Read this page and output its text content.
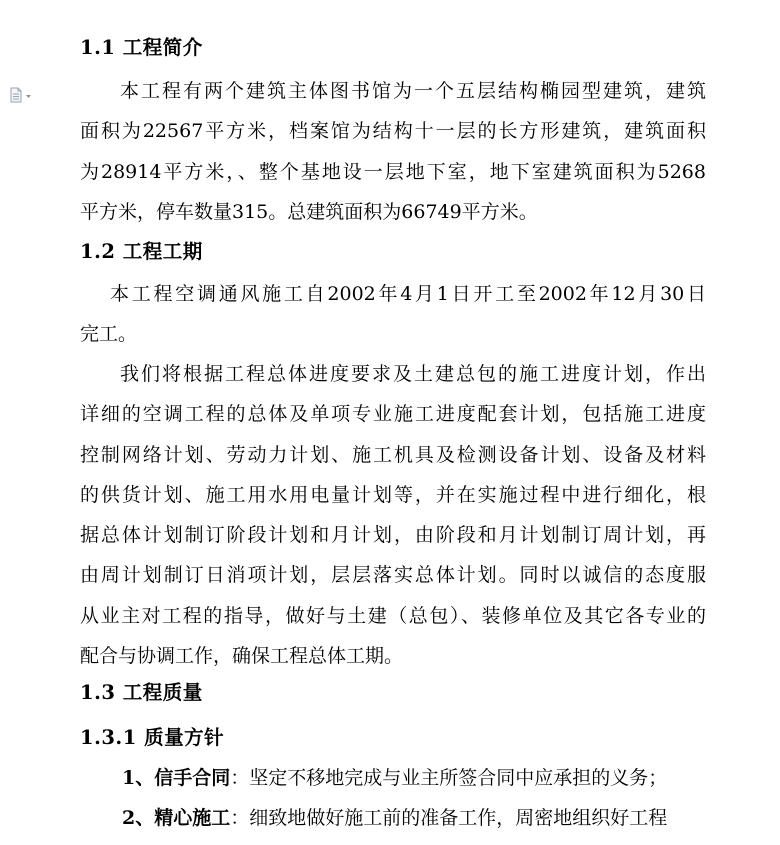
1.1 工程简介
本工程有两个建筑主体图书馆为一个五层结构椭园型建筑，建筑
面积为22567平方米，档案馆为结构十一层的长方形建筑，建筑面积
为28914平方米，、整个基地设一层地下室，地下室建筑面积为5268
平方米，停车数量315。总建筑面积为66749平方米。
1.2 工程工期
本工程空调通风施工自2002年4月1日开工至2002年12月30日
完工。
我们将根据工程总体进度要求及土建总包的施工进度计划，作出
详细的空调工程的总体及单项专业施工进度配套计划，包括施工进度
控制网络计划、劳动力计划、施工机具及检测设备计划、设备及材料
的供货计划、施工用水用电量计划等，并在实施过程中进行细化，根
据总体计划制订阶段计划和月计划，由阶段和月计划制订周计划，再
由周计划制订日消项计划，层层落实总体计划。同时以诚信的态度服
从业主对工程的指导，做好与土建（总包）、装修单位及其它各专业的
配合与协调工作，确保工程总体工期。
1.3 工程质量
1.3.1 质量方针
1、信手合同：坚定不移地完成与业主所签合同中应承担的义务；
2、精心施工：细致地做好施工前的准备工作，周密地组织好工程
